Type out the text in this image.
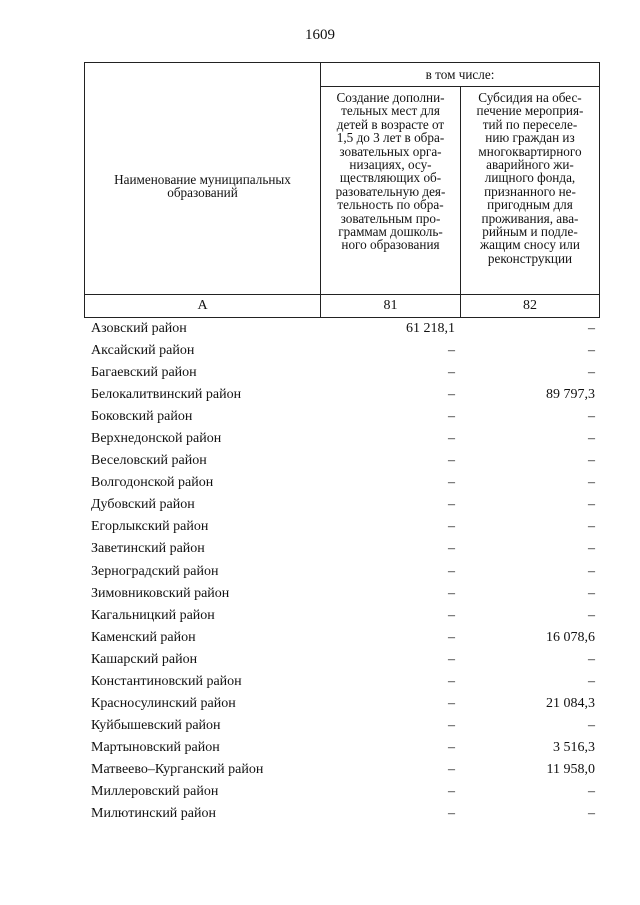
1609
Наименование муниципальных образований
в том числе:
Создание дополни-
тельных мест для
детей в возрасте от
1,5 до 3 лет в обра-
зовательных орга-
низациях, осу-
ществляющих об-
разовательную дея-
тельность по обра-
зовательным про-
граммам дошколь-
ного образования
Субсидия на обес-
печение мероприя-
тий по переселе-
нию граждан из
многоквартирного
аварийного жи-
лищного фонда,
признанного не-
пригодным для
проживания, ава-
рийным и подле-
жащим сносу или
реконструкции
А	81	82
Азовский район	61 218,1	–
Аксайский район	–	–
Багаевский район	–	–
Белокалитвинский район	–	89 797,3
Боковский район	–	–
Верхнедонской район	–	–
Веселовский район	–	–
Волгодонской район	–	–
Дубовский район	–	–
Егорлыкский район	–	–
Заветинский район	–	–
Зерноградский район	–	–
Зимовниковский район	–	–
Кагальницкий район	–	–
Каменский район	–	16 078,6
Кашарский район	–	–
Константиновский район	–	–
Красносулинский район	–	21 084,3
Куйбышевский район	–	–
Мартыновский район	–	3 516,3
Матвеево–Курганский район	–	11 958,0
Миллеровский район	–	–
Милютинский район	–	–
